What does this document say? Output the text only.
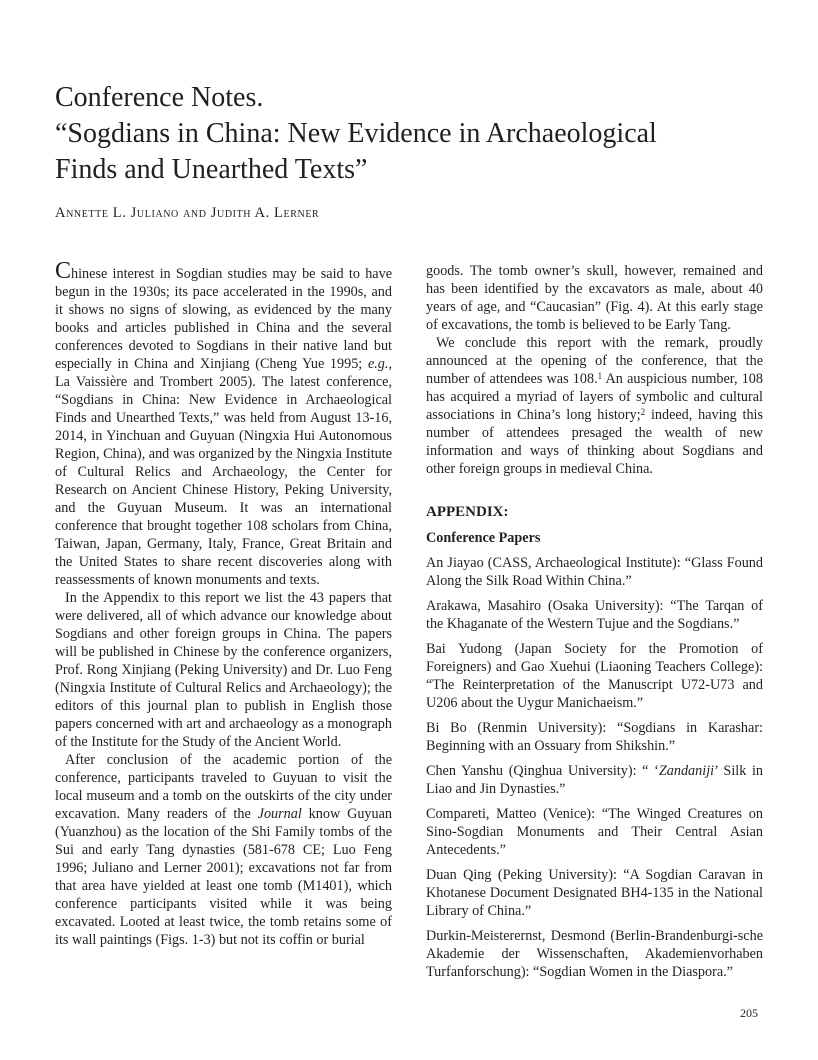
Conference Notes.
“Sogdians in China: New Evidence in Archaeological
Finds and Unearthed Texts”
Annette L. Juliano and Judith A. Lerner

Chinese interest in Sogdian studies may be said to have begun in the 1930s; its pace accelerated in the 1990s, and it shows no signs of slowing, as evidenced by the many books and articles published in China and the several conferences devoted to Sogdians in their native land but especially in China and Xinjiang (Cheng Yue 1995; e.g., La Vaissière and Trombert 2005). The latest conference, “Sogdians in China: New Evidence in Archaeological Finds and Unearthed Texts,” was held from August 13-16, 2014, in Yinchuan and Guyuan (Ningxia Hui Autonomous Region, China), and was organized by the Ningxia Institute of Cultural Relics and Archaeology, the Center for Research on Ancient Chinese History, Peking University, and the Guyuan Museum. It was an international conference that brought together 108 scholars from China, Taiwan, Japan, Germany, Italy, France, Great Britain and the United States to share recent discoveries along with reassessments of known monuments and texts.

In the Appendix to this report we list the 43 papers that were delivered, all of which advance our knowledge about Sogdians and other foreign groups in China. The papers will be published in Chinese by the conference organizers, Prof. Rong Xinjiang (Peking University) and Dr. Luo Feng (Ningxia Institute of Cultural Relics and Archaeology); the editors of this journal plan to publish in English those papers concerned with art and archaeology as a monograph of the Institute for the Study of the Ancient World.

After conclusion of the academic portion of the conference, participants traveled to Guyuan to visit the local museum and a tomb on the outskirts of the city under excavation. Many readers of the Journal know Guyuan (Yuanzhou) as the location of the Shi Family tombs of the Sui and early Tang dynasties (581-678 CE; Luo Feng 1996; Juliano and Lerner 2001); excavations not far from that area have yielded at least one tomb (M1401), which conference participants visited while it was being excavated. Looted at least twice, the tomb retains some of its wall paintings (Figs. 1-3) but not its coffin or burial

goods. The tomb owner’s skull, however, remained and has been identified by the excavators as male, about 40 years of age, and “Caucasian” (Fig. 4). At this early stage of excavations, the tomb is believed to be Early Tang.

We conclude this report with the remark, proudly announced at the opening of the conference, that the number of attendees was 108.$^1$ An auspicious number, 108 has acquired a myriad of layers of symbolic and cultural associations in China’s long history;$^2$ indeed, having this number of attendees presaged the wealth of new information and ways of thinking about Sogdians and other foreign groups in medieval China.

APPENDIX:

Conference Papers

An Jiayao (CASS, Archaeological Institute): “Glass Found Along the Silk Road Within China.”

Arakawa, Masahiro (Osaka University): “The Tarqan of the Khaganate of the Western Tujue and the Sogdians.”

Bai Yudong (Japan Society for the Promotion of Foreigners) and Gao Xuehui (Liaoning Teachers College): “The Reinterpretation of the Manuscript U72-U73 and U206 about the Uygur Manichaeism.”

Bi Bo (Renmin University): “Sogdians in Karashar: Beginning with an Ossuary from Shikshin.”

Chen Yanshu (Qinghua University): “ ‘Zandaniji’ Silk in Liao and Jin Dynasties.”

Compareti, Matteo (Venice): “The Winged Creatures on Sino-Sogdian Monuments and Their Central Asian Antecedents.”

Duan Qing (Peking University): “A Sogdian Caravan in Khotanese Document Designated BH4-135 in the National Library of China.”

Durkin-Meisterernst, Desmond (Berlin-Brandenburgi-sche Akademie der Wissenschaften, Akademienvorhaben Turfanforschung): “Sogdian Women in the Diaspora.”

205
